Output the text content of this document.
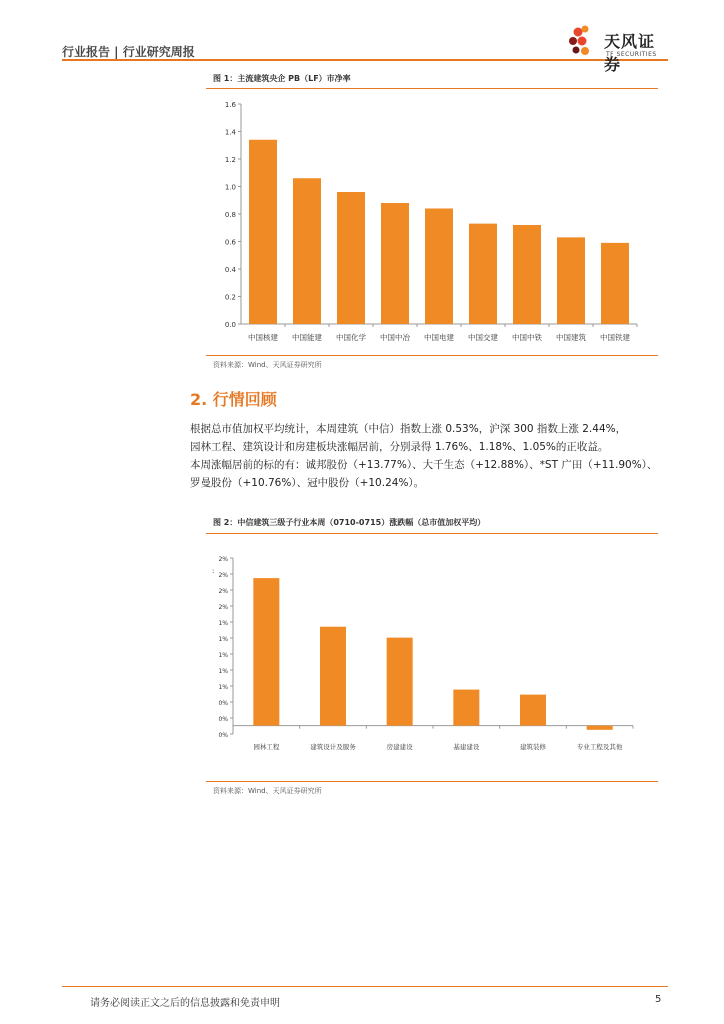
行业报告 | 行业研究周报
天风证券
TF SECURITIES
图 1：主流建筑央企 PB（LF）市净率
0.0
0.2
0.4
0.6
0.8
1.0
1.2
1.4
1.6
中国核建 中国能建 中国化学 中国中冶 中国电建 中国交建 中国中铁 中国建筑 中国铁建
资料来源：Wind、天风证券研究所
2. 行情回顾

根据总市值加权平均统计，本周建筑（中信）指数上涨 0.53%，沪深 300 指数上涨 2.44%，

园林工程、建筑设计和房建板块涨幅居前，分别录得 1.76%、1.18%、1.05%的正收益。

本周涨幅居前的标的有：诚邦股份（+13.77%）、大千生态（+12.88%）、*ST 广田（+11.90%）、

罗曼股份（+10.76%）、冠中股份（+10.24%）。

图 2：中信建筑三级子行业本周（0710-0715）涨跌幅（总市值加权平均）
0%
0%
0%
1%
1%
1%
1%
1%
2%
2%
2%
2%
园林工程	建筑设计及服务	房建建设	基建建设	建筑装修	专业工程及其他
:
资料来源：Wind、天风证券研究所
请务必阅读正文之后的信息披露和免责申明	5
